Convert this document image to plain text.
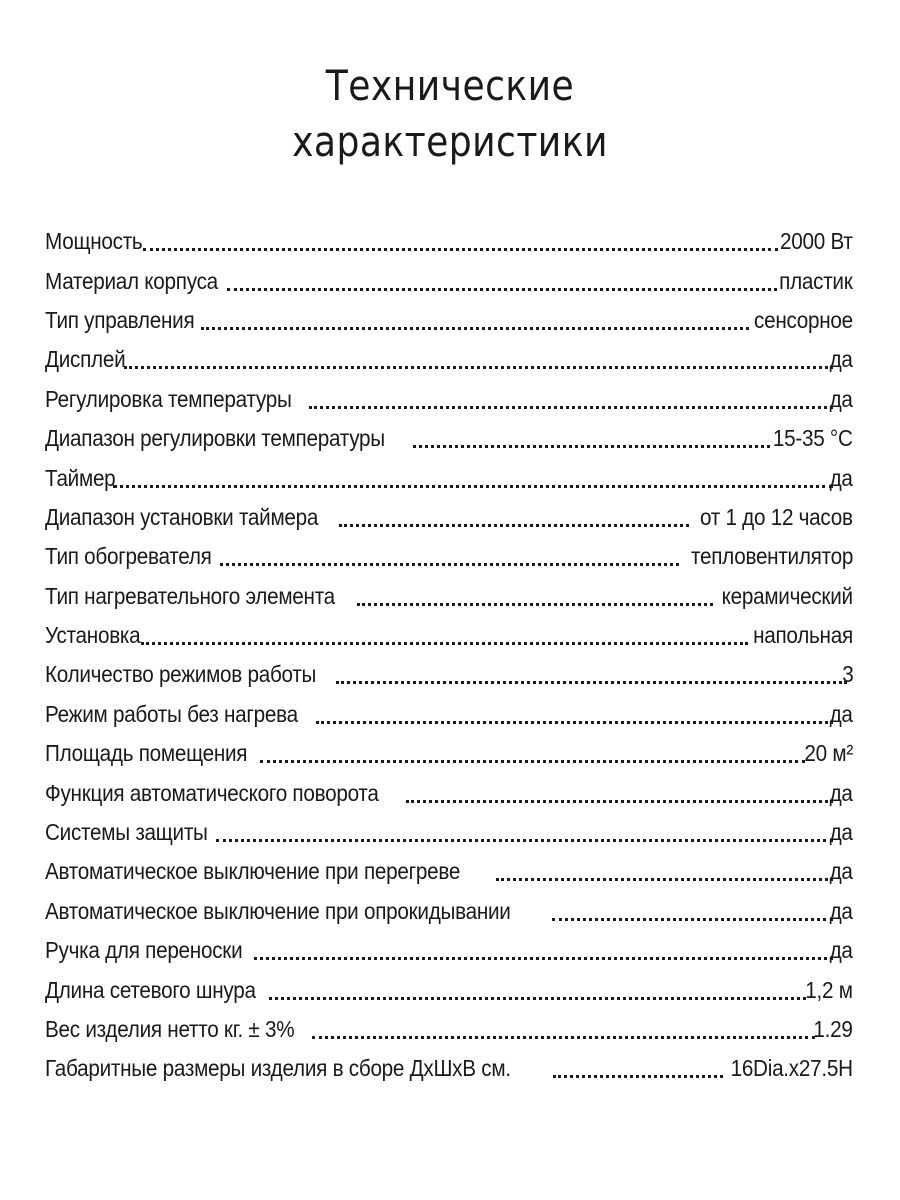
Технические
характеристики
Мощность	2000 Вт
Материал корпуса	пластик
Тип управления	сенсорное
Дисплей	да
Регулировка температуры	да
Диапазон регулировки температуры	15-35 °С
Таймер	да
Диапазон установки таймера	от 1 до 12 часов
Тип обогревателя	тепловентилятор
Тип нагревательного элемента	керамический
Установка	напольная
Количество режимов работы	3
Режим работы без нагрева	да
Площадь помещения	20 м²
Функция автоматического поворота	да
Системы защиты	да
Автоматическое выключение при перегреве	да
Автоматическое выключение при опрокидывании	да
Ручка для переноски	да
Длина сетевого шнура	1,2 м
Вес изделия нетто кг. ± 3%	1.29
Габаритные размеры изделия в сборе ДхШхВ см.	16Dia.x27.5H
